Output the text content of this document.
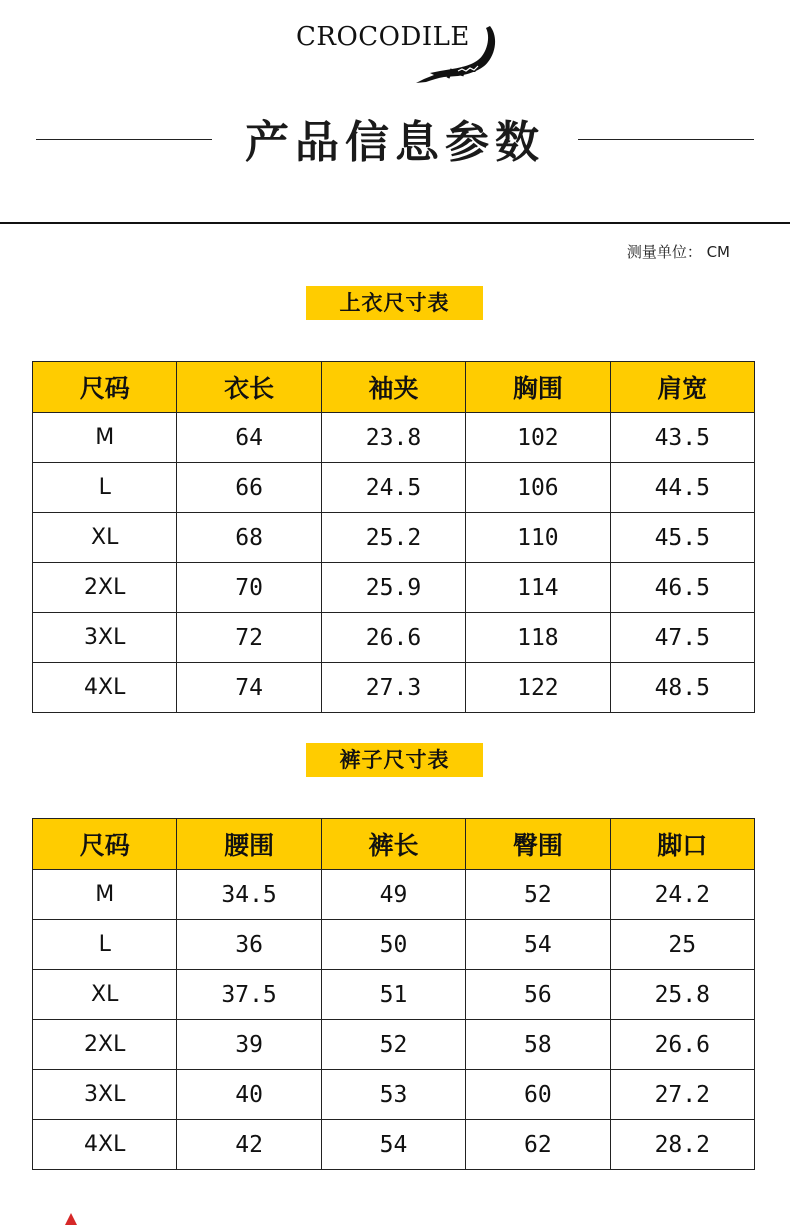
CROCODILE
产品信息参数
测量单位： CM
上衣尺寸表
尺码	衣长	袖夹	胸围	肩宽
M	64	23.8	102	43.5
L	66	24.5	106	44.5
XL	68	25.2	110	45.5
2XL	70	25.9	114	46.5
3XL	72	26.6	118	47.5
4XL	74	27.3	122	48.5
裤子尺寸表
尺码	腰围	裤长	臀围	脚口
M	34.5	49	52	24.2
L	36	50	54	25
XL	37.5	51	56	25.8
2XL	39	52	58	26.6
3XL	40	53	60	27.2
4XL	42	54	62	28.2
